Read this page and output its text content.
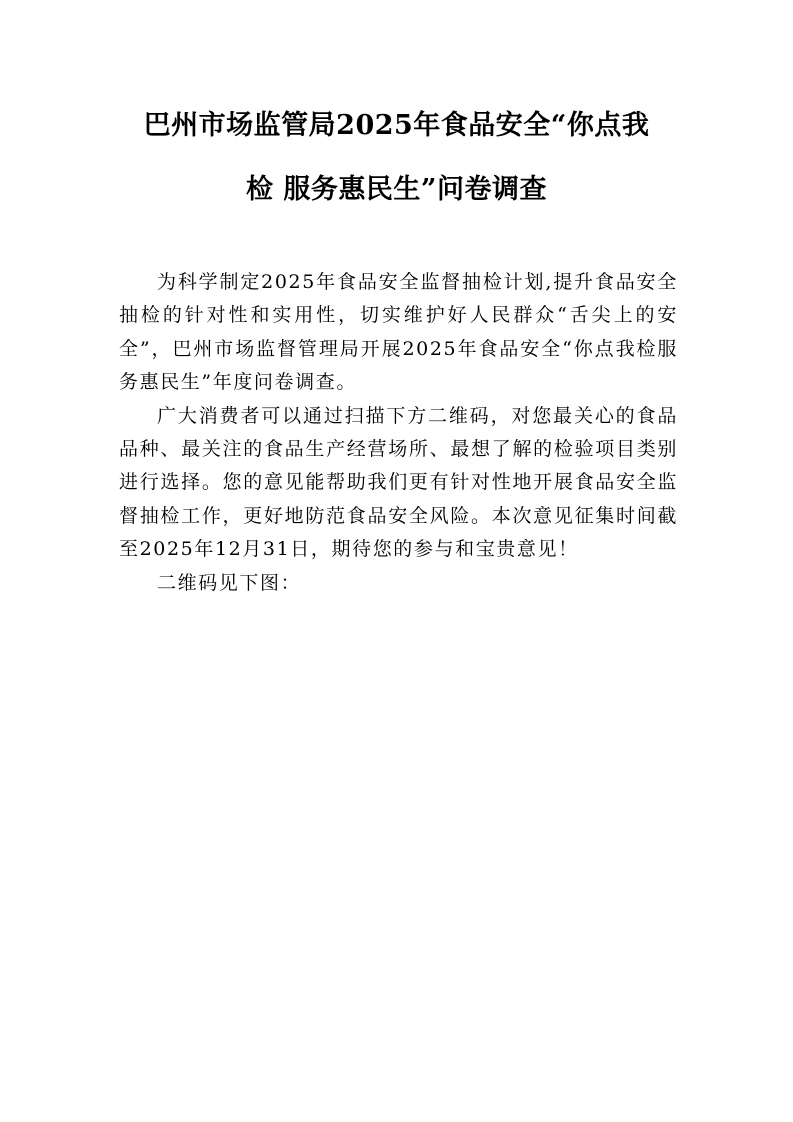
巴州市场监管局2025年食品安全“你点我
检 服务惠民生”问卷调查

为科学制定2025年食品安全监督抽检计划,提升食品安全抽检的针对性和实用性，切实维护好人民群众“舌尖上的安全”，巴州市场监督管理局开展2025年食品安全“你点我检服务惠民生”年度问卷调查。

广大消费者可以通过扫描下方二维码，对您最关心的食品品种、最关注的食品生产经营场所、最想了解的检验项目类别进行选择。您的意见能帮助我们更有针对性地开展食品安全监督抽检工作，更好地防范食品安全风险。本次意见征集时间截至2025年12月31日，期待您的参与和宝贵意见！

二维码见下图：
